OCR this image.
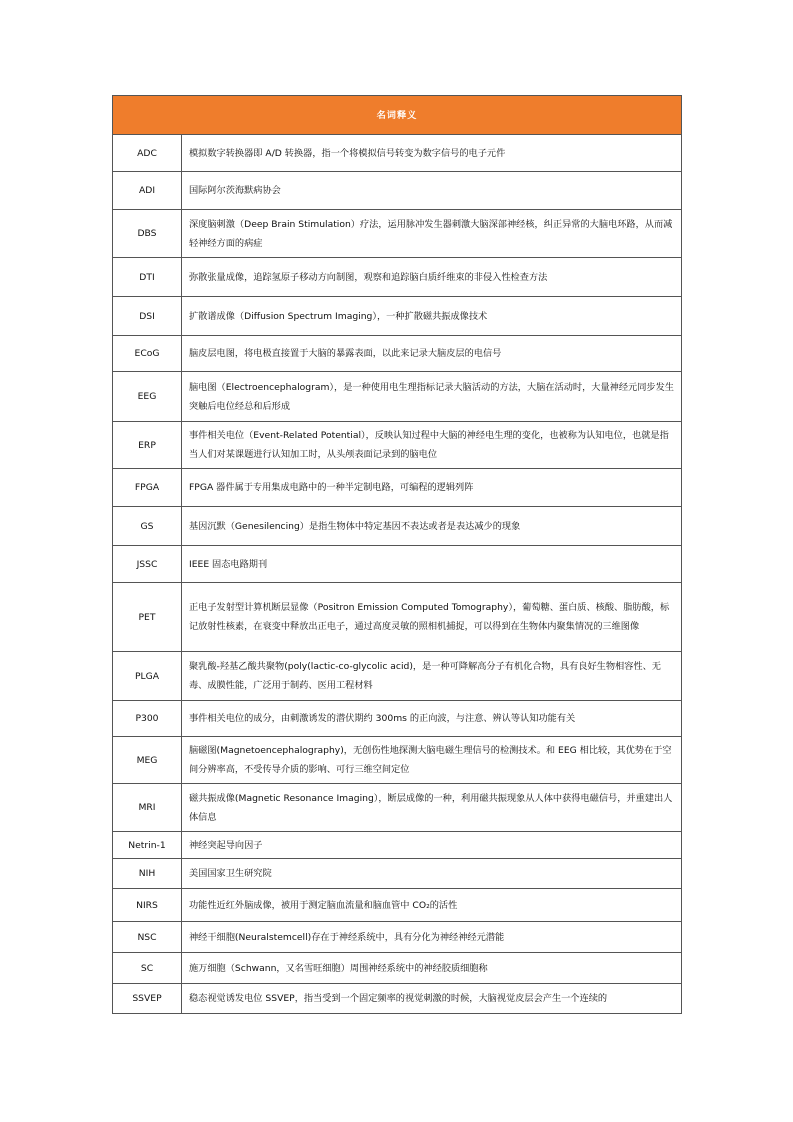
名词释义	
ADC	模拟数字转换器即 A/D 转换器，指一个将模拟信号转变为数字信号的电子元件
ADI	国际阿尔茨海默病协会
DBS	深度脑刺激（Deep Brain Stimulation）疗法，运用脉冲发生器刺激大脑深部神经核，纠正异常的大脑电环路，从而减轻神经方面的病症
DTI	弥散张量成像，追踪氢原子移动方向制图，观察和追踪脑白质纤维束的非侵入性检查方法
DSI	扩散谱成像（Diffusion Spectrum Imaging），一种扩散磁共振成像技术
ECoG	脑皮层电图，将电极直接置于大脑的暴露表面，以此来记录大脑皮层的电信号
EEG	脑电图（Electroencephalogram），是一种使用电生理指标记录大脑活动的方法，大脑在活动时，大量神经元同步发生突触后电位经总和后形成
ERP	事件相关电位（Event-Related Potential），反映认知过程中大脑的神经电生理的变化，也被称为认知电位，也就是指当人们对某课题进行认知加工时，从头颅表面记录到的脑电位
FPGA	FPGA 器件属于专用集成电路中的一种半定制电路，可编程的逻辑列阵
GS	基因沉默（Genesilencing）是指生物体中特定基因不表达或者是表达减少的现象
JSSC	IEEE 固态电路期刊
PET	正电子发射型计算机断层显像（Positron Emission Computed Tomography），葡萄糖、蛋白质、核酸、脂肪酸，标记放射性核素，在衰变中释放出正电子，通过高度灵敏的照相机捕捉，可以得到在生物体内聚集情况的三维图像
PLGA	聚乳酸-羟基乙酸共聚物(poly(lactic-co-glycolic acid)，是一种可降解高分子有机化合物，具有良好生物相容性、无毒、成膜性能，广泛用于制药、医用工程材料
P300	事件相关电位的成分，由刺激诱发的潜伏期约 300ms 的正向波，与注意、辨认等认知功能有关
MEG	脑磁图(Magnetoencephalography)，无创伤性地探测大脑电磁生理信号的检测技术。和 EEG 相比较，其优势在于空间分辨率高，不受传导介质的影响、可行三维空间定位
MRI	磁共振成像(Magnetic Resonance Imaging），断层成像的一种，利用磁共振现象从人体中获得电磁信号，并重建出人体信息
Netrin-1	神经突起导向因子
NIH	美国国家卫生研究院
NIRS	功能性近红外脑成像，被用于测定脑血流量和脑血管中 CO₂的活性
NSC	神经干细胞(Neuralstemcell)存在于神经系统中，具有分化为神经神经元潜能
SC	施万细胞（Schwann，又名雪旺细胞）周围神经系统中的神经胶质细胞称
SSVEP	稳态视觉诱发电位 SSVEP，指当受到一个固定频率的视觉刺激的时候，大脑视觉皮层会产生一个连续的
